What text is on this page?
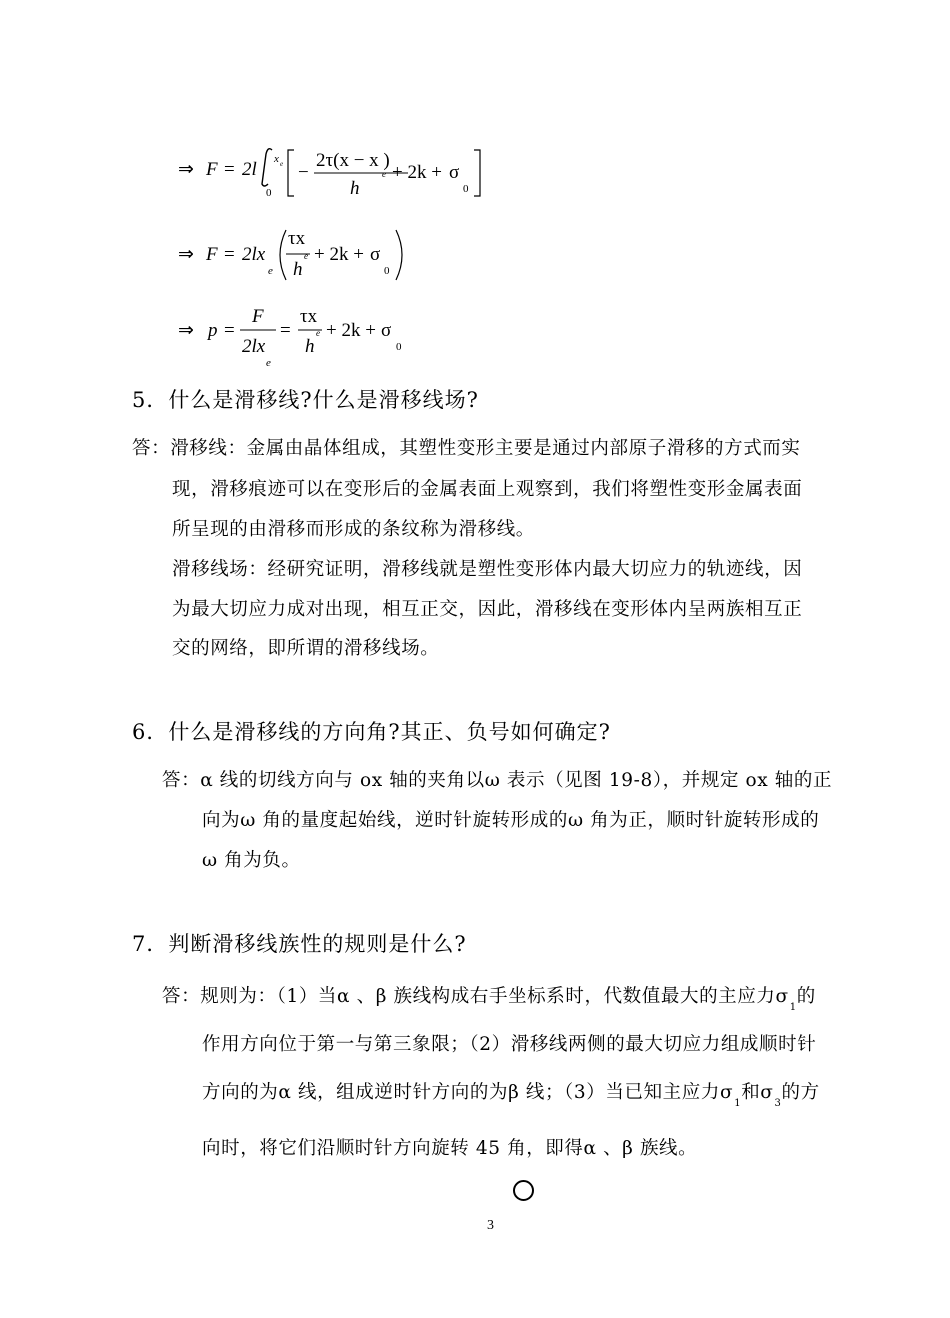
⇒ F = 2l
0
x e −
2τ(x − x )
h
e + 2k + σ
0
⇒ F = 2lx
e
τx
h
e + 2k + σ
0
⇒ p =
F
2lx
e
=
τx
h
e + 2k + σ
0
5．什么是滑移线?什么是滑移线场?
答：滑移线：金属由晶体组成，其塑性变形主要是通过内部原子滑移的方式而实
现，滑移痕迹可以在变形后的金属表面上观察到，我们将塑性变形金属表面
所呈现的由滑移而形成的条纹称为滑移线。
滑移线场：经研究证明，滑移线就是塑性变形体内最大切应力的轨迹线，因
为最大切应力成对出现，相互正交，因此，滑移线在变形体内呈两族相互正
交的网络，即所谓的滑移线场。
6．什么是滑移线的方向角?其正、负号如何确定?
答：α 线的切线方向与 ox 轴的夹角以ω 表示（见图 19-8），并规定 ox 轴的正
向为ω 角的量度起始线，逆时针旋转形成的ω 角为正，顺时针旋转形成的
ω 角为负。
7．判断滑移线族性的规则是什么?
答：规则为：（1）当α 、β 族线构成右手坐标系时，代数值最大的主应力$\sigma_1$的
作用方向位于第一与第三象限；（2）滑移线两侧的最大切应力组成顺时针
方向的为α 线，组成逆时针方向的为β 线；（3）当已知主应力$\sigma_1$和$\sigma_3$的方
向时，将它们沿顺时针方向旋转 45 角，即得α 、β 族线。
3
